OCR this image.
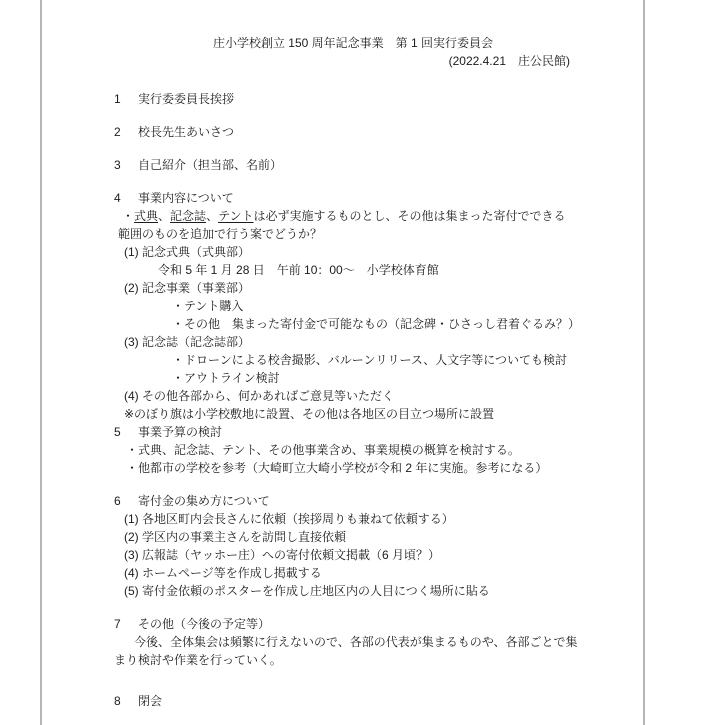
庄小学校創立 150 周年記念事業　第 1 回実行委員会
(2022.4.21　庄公民館)
1 実行委委員長挨拶
2 校長先生あいさつ
3 自己紹介（担当部、名前）
4 事業内容について
・式典、記念誌、テントは必ず実施するものとし、その他は集まった寄付でできる
範囲のものを追加で行う案でどうか？
(1) 記念式典（式典部）
令和 5 年 1 月 28 日　午前 10：00～　小学校体育館
(2) 記念事業（事業部）
・テント購入
・その他　集まった寄付金で可能なもの（記念碑・ひさっし君着ぐるみ？）
(3) 記念誌（記念誌部）
・ドローンによる校舎撮影、バルーンリリース、人文字等についても検討
・アウトライン検討
(4) その他各部から、何かあればご意見等いただく
※のぼり旗は小学校敷地に設置、その他は各地区の目立つ場所に設置
5 事業予算の検討
・式典、記念誌、テント、その他事業含め、事業規模の概算を検討する。
・他都市の学校を参考（大崎町立大崎小学校が令和 2 年に実施。参考になる）
6 寄付金の集め方について
(1) 各地区町内会長さんに依頼（挨拶周りも兼ねて依頼する）
(2) 学区内の事業主さんを訪問し直接依頼
(3) 広報誌（ヤッホー庄）への寄付依頼文掲載（6 月頃？）
(4) ホームページ等を作成し掲載する
(5) 寄付金依頼のポスターを作成し庄地区内の人目につく場所に貼る
7 その他（今後の予定等）
今後、全体集会は頻繁に行えないので、各部の代表が集まるものや、各部ごとで集
まり検討や作業を行っていく。
8 閉会
